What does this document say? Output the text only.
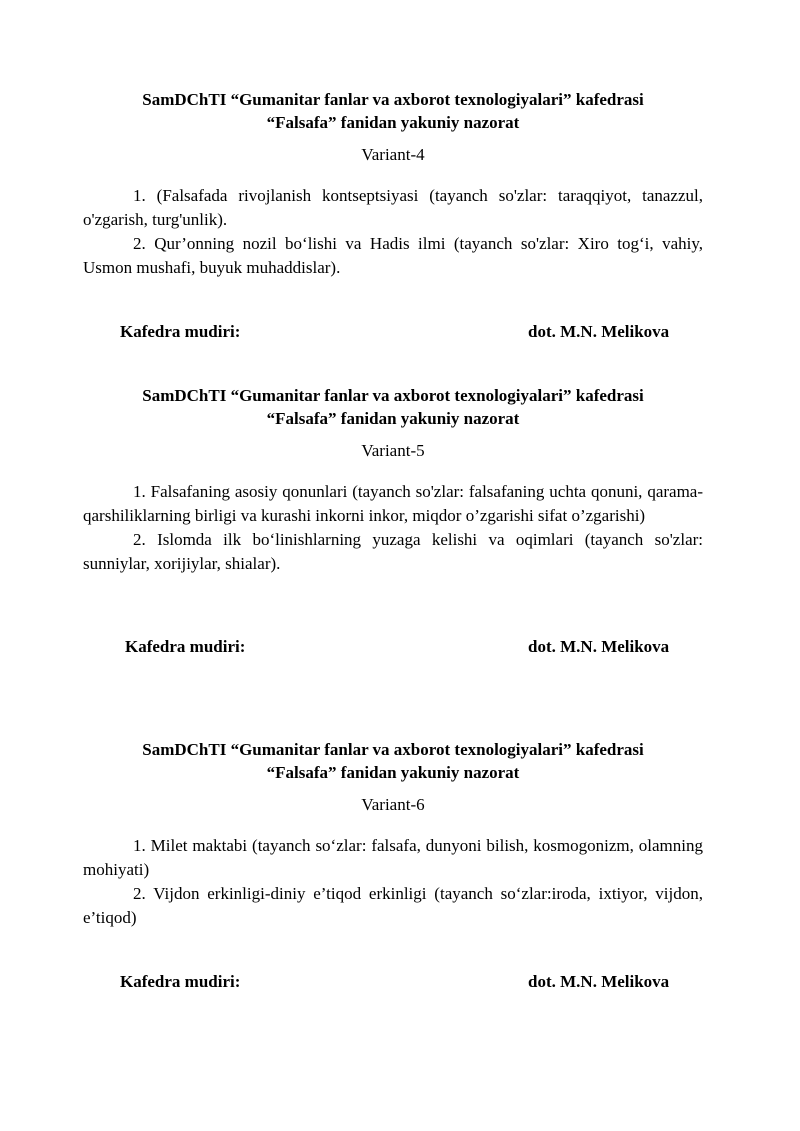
SamDChTI “Gumanitar fanlar va axborot texnologiyalari” kafedrasi
“Falsafa” fanidan yakuniy nazorat
Variant-4

1. (Falsafada rivojlanish kontseptsiyasi (tayanch so'zlar: taraqqiyot, tanazzul, o'zgarish, turg'unlik).

2. Qur’onning nozil bo‘lishi va Hadis ilmi (tayanch so'zlar: Xiro tog‘i, vahiy, Usmon mushafi, buyuk muhaddislar).

Kafedra mudiri:	dot. M.N. Melikova
SamDChTI “Gumanitar fanlar va axborot texnologiyalari” kafedrasi
“Falsafa” fanidan yakuniy nazorat
Variant-5

1. Falsafaning asosiy qonunlari (tayanch so'zlar: falsafaning uchta qonuni, qarama-qarshiliklarning birligi va kurashi inkorni inkor, miqdor o’zgarishi sifat o’zgarishi)

2. Islomda ilk bo‘linishlarning yuzaga kelishi va oqimlari (tayanch so'zlar: sunniylar, xorijiylar, shialar).

Kafedra mudiri:	dot. M.N. Melikova
SamDChTI “Gumanitar fanlar va axborot texnologiyalari” kafedrasi
“Falsafa” fanidan yakuniy nazorat
Variant-6

1. Milet maktabi (tayanch so‘zlar: falsafa, dunyoni bilish, kosmogonizm, olamning mohiyati)

2. Vijdon erkinligi-diniy e’tiqod erkinligi (tayanch so‘zlar:iroda, ixtiyor, vijdon, e’tiqod)

Kafedra mudiri:	dot. M.N. Melikova
